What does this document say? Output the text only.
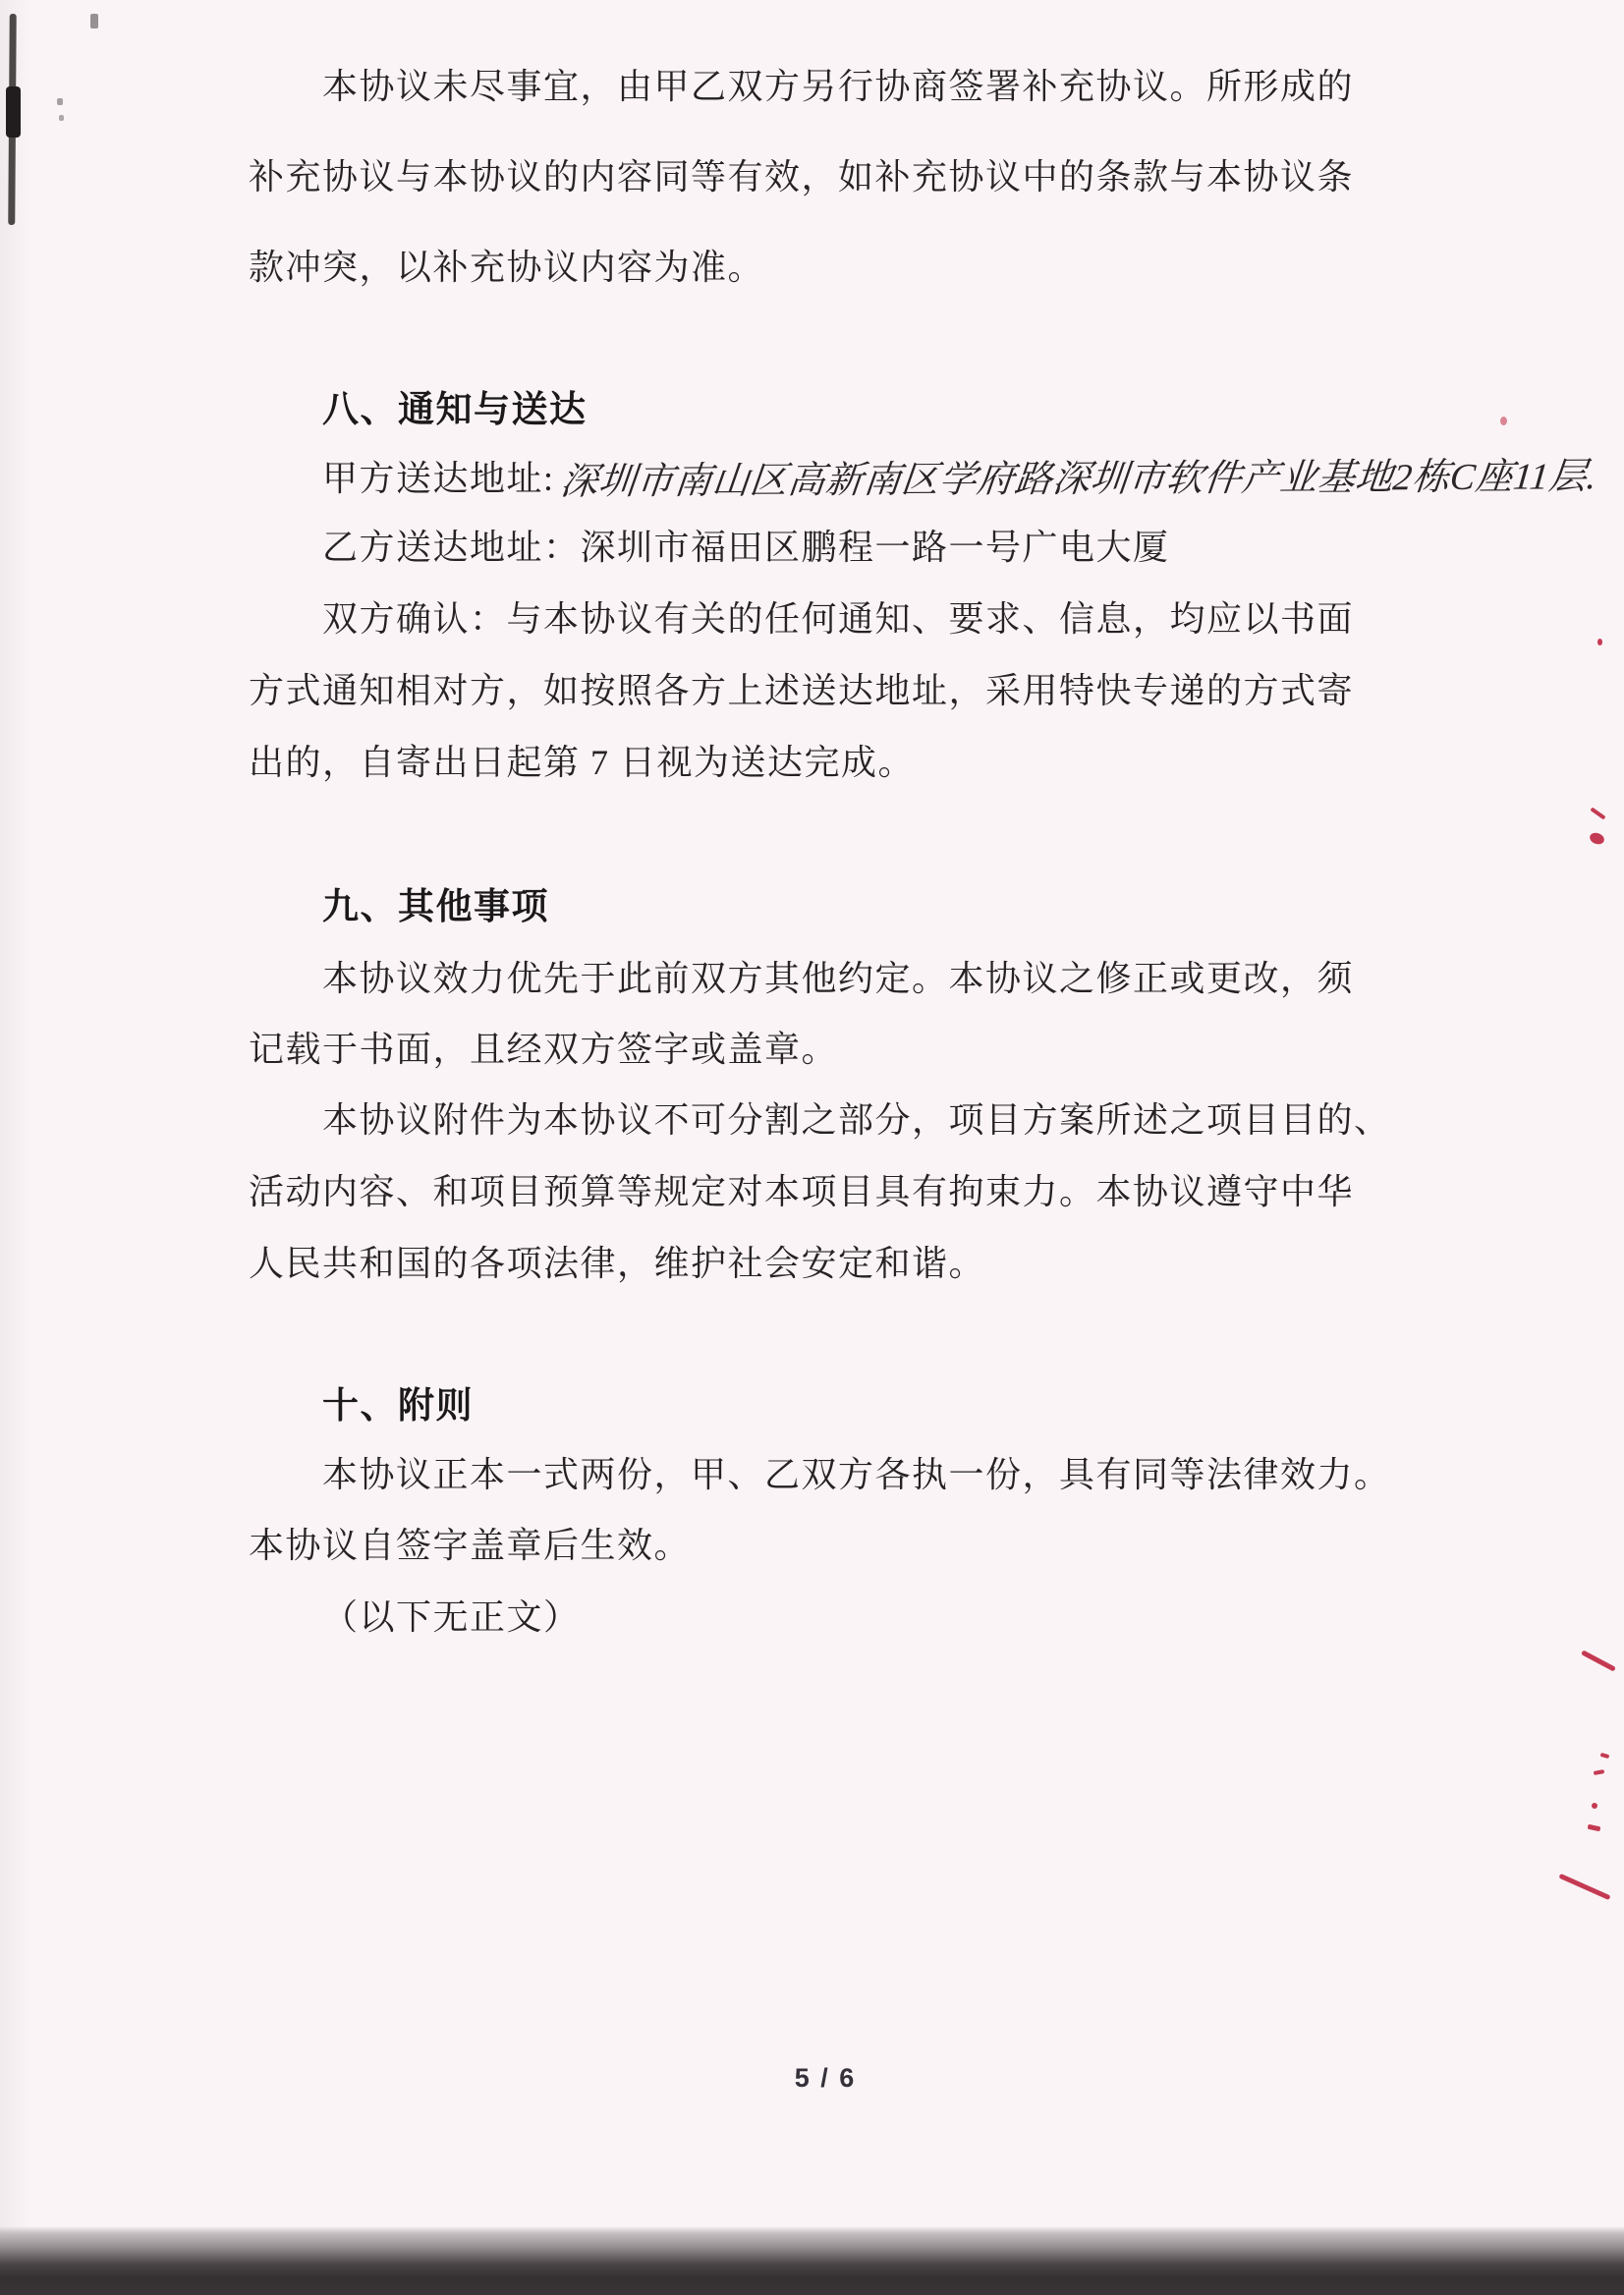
本协议未尽事宜，由甲乙双方另行协商签署补充协议。所形成的
补充协议与本协议的内容同等有效，如补充协议中的条款与本协议条
款冲突，以补充协议内容为准。
八、通知与送达
甲方送达地址:深圳市南山区高新南区学府路深圳市软件产业基地2栋C座11层.
乙方送达地址：深圳市福田区鹏程一路一号广电大厦
双方确认：与本协议有关的任何通知、要求、信息，均应以书面
方式通知相对方，如按照各方上述送达地址，采用特快专递的方式寄
出的，自寄出日起第 7 日视为送达完成。
九、其他事项
本协议效力优先于此前双方其他约定。本协议之修正或更改，须
记载于书面，且经双方签字或盖章。
本协议附件为本协议不可分割之部分，项目方案所述之项目目的、
活动内容、和项目预算等规定对本项目具有拘束力。本协议遵守中华
人民共和国的各项法律，维护社会安定和谐。
十、附则
本协议正本一式两份，甲、乙双方各执一份，具有同等法律效力。
本协议自签字盖章后生效。
（以下无正文）
5 / 6
